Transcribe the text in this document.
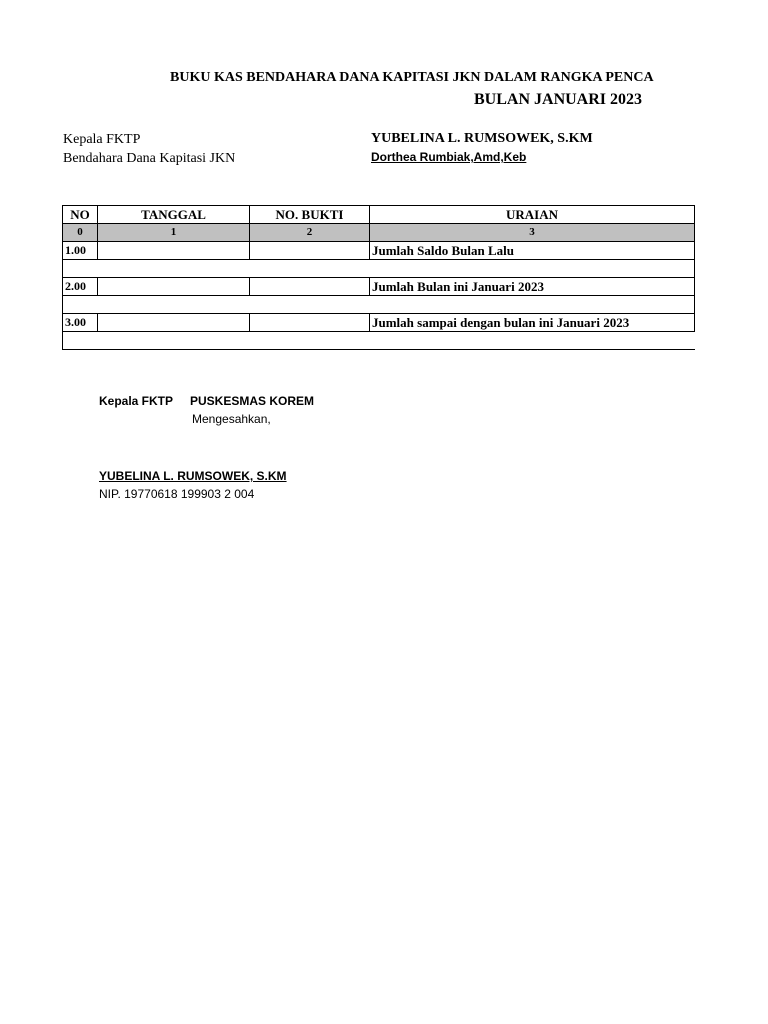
BUKU KAS BENDAHARA DANA KAPITASI JKN DALAM RANGKA PENCA
BULAN JANUARI 2023
Kepala FKTP
Bendahara Dana Kapitasi JKN
YUBELINA L. RUMSOWEK, S.KM
Dorthea Rumbiak,Amd,Keb
NO	TANGGAL	NO. BUKTI	URAIAN
0	1	2	3
1.00			Jumlah Saldo Bulan Lalu

2.00			Jumlah Bulan ini Januari 2023

3.00			Jumlah sampai dengan bulan ini Januari 2023

Kepala FKTP PUSKESMAS KOREM
Mengesahkan,
YUBELINA L. RUMSOWEK, S.KM
NIP. 19770618 199903 2 004
